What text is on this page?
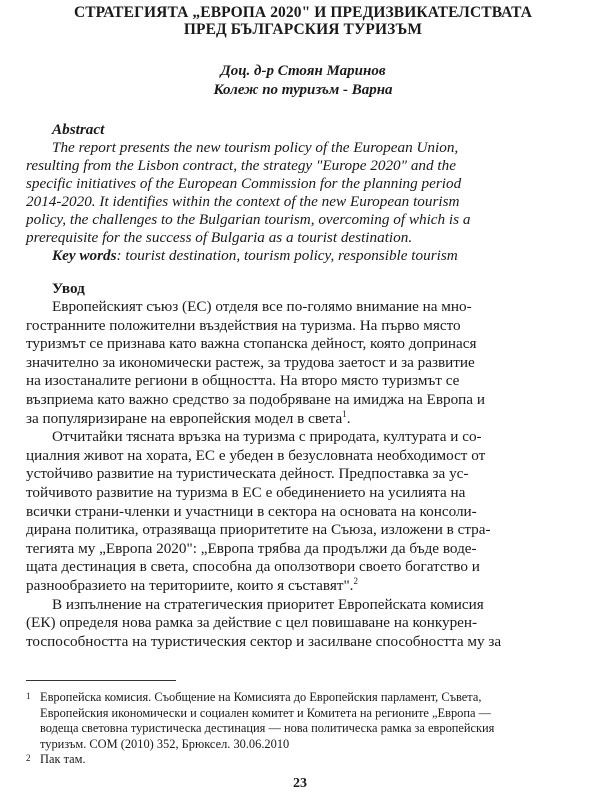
СТРАТЕГИЯТА „ЕВРОПА 2020" И ПРЕДИЗВИКАТЕЛСТВАТА
ПРЕД БЪЛГАРСКИЯ ТУРИЗЪМ
Доц. д-р Стоян Маринов
Колеж по туризъм - Варна
Abstract
The report presents the new tourism policy of the European Union,
resulting from the Lisbon contract, the strategy "Europe 2020" and the
specific initiatives of the European Commission for the planning period
2014-2020. It identifies within the context of the new European tourism
policy, the challenges to the Bulgarian tourism, overcoming of which is a
prerequisite for the success of Bulgaria as a tourist destination.
Key words: tourist destination, tourism policy, responsible tourism
Увод
Европейският съюз (ЕС) отделя все по-голямо внимание на мно-
гостранните положителни въздействия на туризма. На първо място
туризмът се признава като важна стопанска дейност, която допринася
значително за икономически растеж, за трудова заетост и за развитие
на изостаналите региони в общността. На второ място туризмът се
възприема като важно средство за подобряване на имиджа на Европа и
за популяризиране на европейския модел в света$^1$.
Отчитайки тясната връзка на туризма с природата, културата и со-
циалния живот на хората, ЕС е убеден в безусловната необходимост от
устойчиво развитие на туристическата дейност. Предпоставка за ус-
тойчивото развитие на туризма в ЕС е обединението на усилията на
всички страни-членки и участници в сектора на основата на консоли-
дирана политика, отразяваща приоритетите на Съюза, изложени в стра-
тегията му „Европа 2020": „Европа трябва да продължи да бъде водe-
щата дестинация в света, способна да оползотвори своето богатство и
разнообразието на териториите, които я съставят".$^2$
В изпълнение на стратегическия приоритет Европейската комисия
(ЕК) определя нова рамка за действие с цел повишаване на конкурен-
тоспособността на туристическия сектор и засилване способността му за
1 Европейска комисия. Съобщение на Комисията до Европейския парламент, Съвета,
Европейския икономически и социален комитет и Комитета на регионите „Европа —
водеща световна туристическа дестинация — нова политическа рамка за европейския
туризъм. COM (2010) 352, Брюксел. 30.06.2010
2 Пак там.
23
